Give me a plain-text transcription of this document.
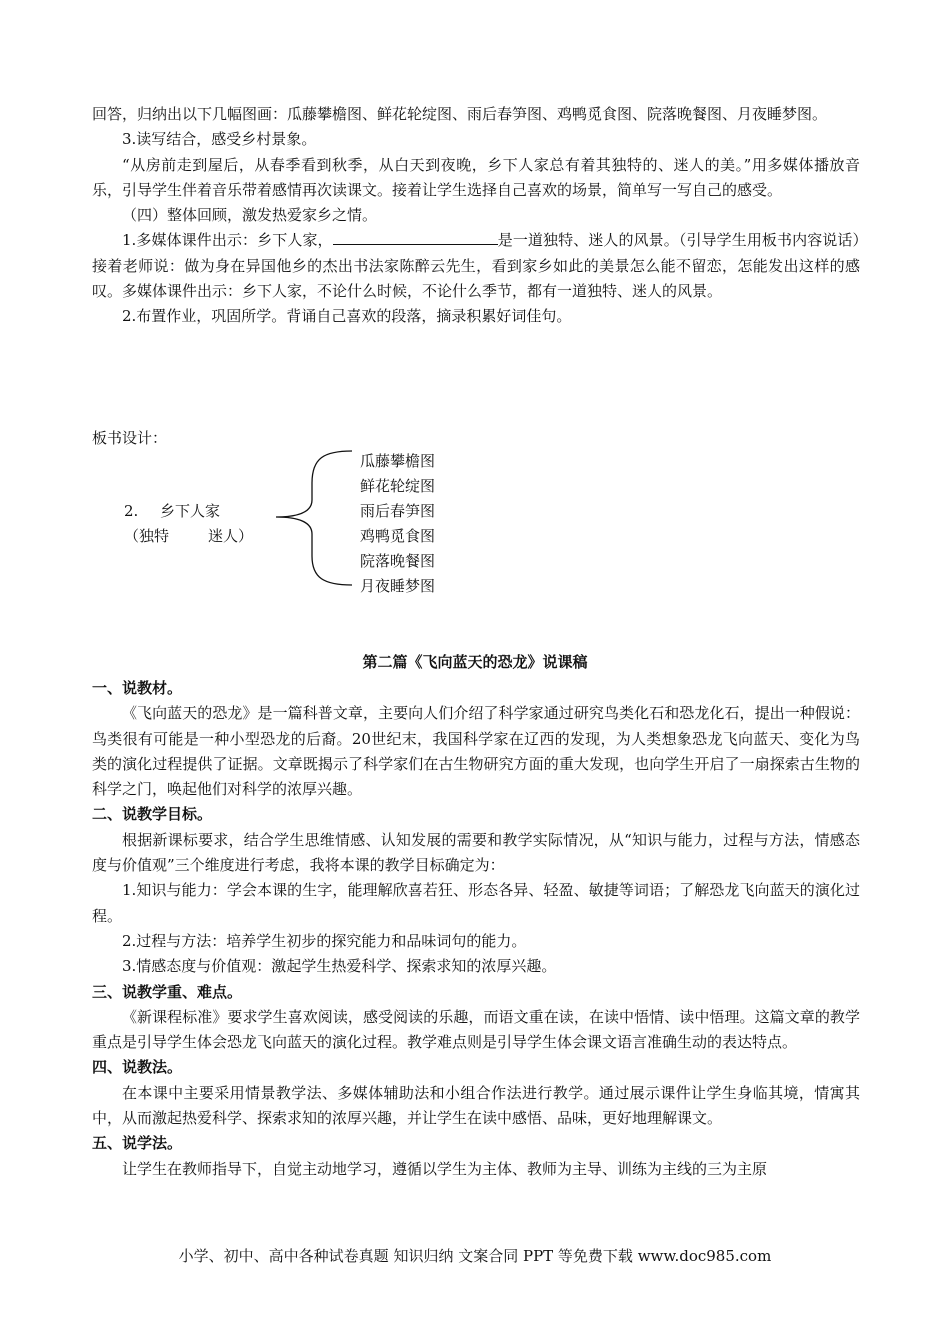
回答，归纳出以下几幅图画：瓜藤攀檐图、鲜花轮绽图、雨后春笋图、鸡鸭觅食图、院落晚餐图、月夜睡梦图。

3.读写结合，感受乡村景象。

“从房前走到屋后，从春季看到秋季，从白天到夜晚，乡下人家总有着其独特的、迷人的美。”用多媒体播放音乐，引导学生伴着音乐带着感情再次读课文。接着让学生选择自己喜欢的场景，简单写一写自己的感受。

（四）整体回顾，激发热爱家乡之情。

1.多媒体课件出示：乡下人家，	是一道独特、迷人的风景。（引导学生用板书内容说话）接着老师说：做为身在异国他乡的杰出书法家陈醉云先生，看到家乡如此的美景怎么能不留恋，怎能发出这样的感叹。多媒体课件出示：乡下人家，不论什么时候，不论什么季节，都有一道独特、迷人的风景。

2.布置作业，巩固所学。背诵自己喜欢的段落，摘录积累好词佳句。

板书设计：
2. 乡下人家
（独特	迷人）
瓜藤攀檐图
鲜花轮绽图
雨后春笋图
鸡鸭觅食图
院落晚餐图
月夜睡梦图
第二篇《飞向蓝天的恐龙》说课稿

一、说教材。

《飞向蓝天的恐龙》是一篇科普文章，主要向人们介绍了科学家通过研究鸟类化石和恐龙化石，提出一种假说：鸟类很有可能是一种小型恐龙的后裔。20世纪末，我国科学家在辽西的发现，为人类想象恐龙飞向蓝天、变化为鸟类的演化过程提供了证据。文章既揭示了科学家们在古生物研究方面的重大发现，也向学生开启了一扇探索古生物的科学之门，唤起他们对科学的浓厚兴趣。

二、说教学目标。

根据新课标要求，结合学生思维情感、认知发展的需要和教学实际情况，从“知识与能力，过程与方法，情感态度与价值观”三个维度进行考虑，我将本课的教学目标确定为：

1.知识与能力：学会本课的生字，能理解欣喜若狂、形态各异、轻盈、敏捷等词语；了解恐龙飞向蓝天的演化过程。

2.过程与方法：培养学生初步的探究能力和品味词句的能力。

3.情感态度与价值观：激起学生热爱科学、探索求知的浓厚兴趣。

三、说教学重、难点。

《新课程标准》要求学生喜欢阅读，感受阅读的乐趣，而语文重在读，在读中悟情、读中悟理。这篇文章的教学重点是引导学生体会恐龙飞向蓝天的演化过程。教学难点则是引导学生体会课文语言准确生动的表达特点。

四、说教法。

在本课中主要采用情景教学法、多媒体辅助法和小组合作法进行教学。通过展示课件让学生身临其境，情寓其中，从而激起热爱科学、探索求知的浓厚兴趣，并让学生在读中感悟、品味，更好地理解课文。

五、说学法。

让学生在教师指导下，自觉主动地学习，遵循以学生为主体、教师为主导、训练为主线的三为主原

小学、初中、高中各种试卷真题 知识归纳 文案合同 PPT 等免费下载 www.doc985.com
